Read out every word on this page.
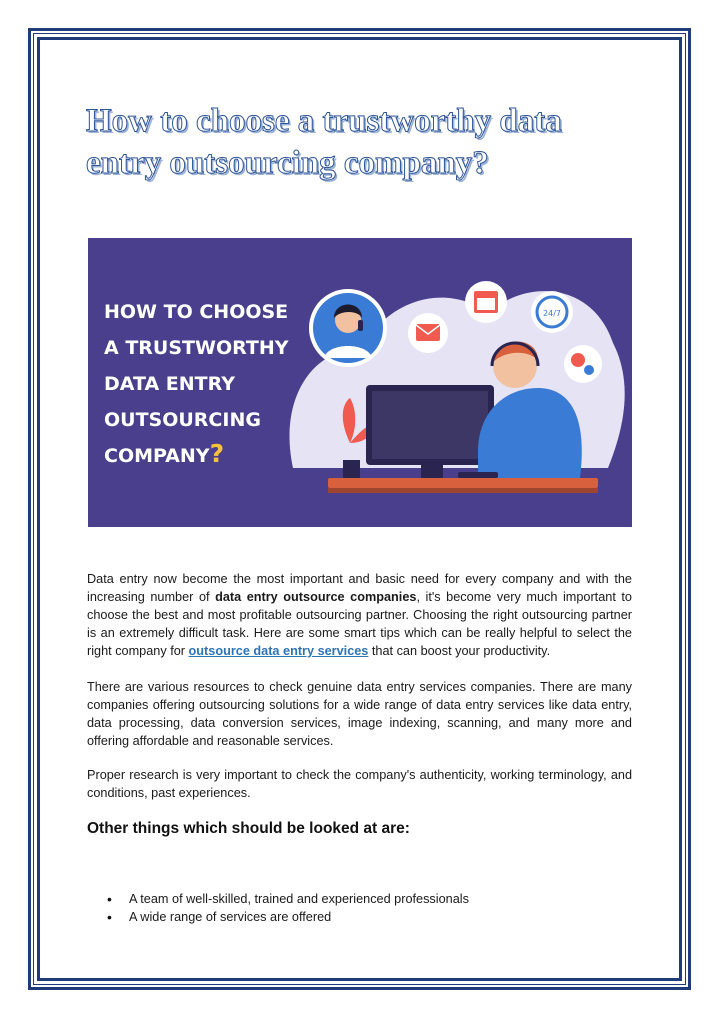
How to choose a trustworthy data
entry outsourcing company?
HOW TO CHOOSE
A TRUSTWORTHY
DATA ENTRY
OUTSOURCING
COMPANY?
24/7

Data entry now become the most important and basic need for every company and with the increasing number of data entry outsource companies, it's become very much important to choose the best and most profitable outsourcing partner. Choosing the right outsourcing partner is an extremely difficult task. Here are some smart tips which can be really helpful to select the right company for outsource data entry services that can boost your productivity.

There are various resources to check genuine data entry services companies. There are many companies offering outsourcing solutions for a wide range of data entry services like data entry, data processing, data conversion services, image indexing, scanning, and many more and offering affordable and reasonable services.

Proper research is very important to check the company's authenticity, working terminology, and conditions, past experiences.

Other things which should be looked at are:
• A team of well-skilled, trained and experienced professionals
• A wide range of services are offered
